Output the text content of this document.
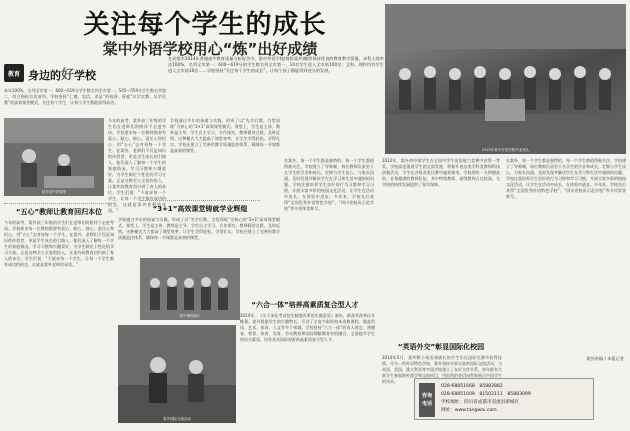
关注每个学生的成长
棠中外语学校用心“炼”出好成绩
2015年棠中外语学校毕业典礼
在成都市2014年普通高中教育质量分析报告中，棠中外语学校(简称棠外)继续保持优良的教育教学质量，本科上线率达100%，名列全市第一；600—619分的学生数名列全市第一，10名学生进入全市前100名；文科、理科均有学生进入全市前10名……学校坚持“关注每个学生的成长”，让每个孩子都能得到充分的发展。
教育 身边的好学校
本年100%，名列全市第一；600—619分学生数名列全市第一；545—559分学生数名列第二，综合指标位居前列。学校坚持“仁德、忠信、求是”的校训，探索“以学定教、以学论教”的高效课堂模式，关注每个学生，让每个学生都能获得成功。
棠外初中部课堂
今年的高考，棠外高三年级的学生们在老师们的陪伴下走进考场。学校要求每一位教师都要有爱心、耐心、细心、责任心和恒心，用“五心”去对待每一个学生。在棠外，老师们不仅是知识的传授者，更是学生成长的引路人。他们深入了解每一个学生的家庭情况、学习习惯和兴趣爱好，为学生制定个性化的学习方案。正是这种全心全意的投入，让棠外的教育回归到了育人的本位。学生们说：“不放弃每一个学生，让每一个学生都有成功的机会，这就是棠外老师的承诺。”
“五心”教师让教育回归本位
今年的高考，棠外高三年级的学生们在老师们的陪伴下走进考场。学校要求每一位教师都要有爱心、耐心、细心、责任心和恒心，用“五心”去对待每一个学生。在棠外，老师们不仅是知识的传授者，更是学生成长的引路人。他们深入了解每一个学生的家庭情况、学习习惯和兴趣爱好，为学生制定个性化的学习方案。正是这种全心全意的投入，让棠外的教育回归到了育人的本位。学生们说：“不放弃每一个学生，让每一个学生都有成功的机会，这就是棠外老师的承诺。”
学校通过多年的探索与实践，形成了以“先学后教、当堂训练”为核心的“3+1”高效课堂模式。课堂上，学生是主体，教师是主导，学生自主学习、合作探究，教师精讲点拨、及时反馈。这种模式大大提高了课堂效率，让学生学得轻松、学得扎实。学校还建立了完善的教学质量监控体系，确保每一节课都是高效的课堂。
“3+1”高效课堂铸就学业辉煌
学校通过多年的探索与实践，形成了以“先学后教、当堂训练”为核心的“3+1”高效课堂模式。课堂上，学生是主体，教师是主导，学生自主学习、合作探究，教师精讲点拨、及时反馈。这种模式大大提高了课堂效率，让学生学得轻松、学得扎实。学校还建立了完善的教学质量监控体系，确保每一节课都是高效的课堂。
棠外课程展示
棠外国际交流活动
“六合一体”培养高素质复合型人才
2014年，《关于深化考试招生制度改革的实施意见》颁布，新高考改革拉开帷幕。棠外根据学生的兴趣特长，开设了丰富多彩的校本选修课程，涵盖科技、艺术、体育、人文等多个领域。学校坚持“六合一体”的育人理念，将德育、智育、体育、美育、劳动教育和国际理解教育有机融合，全面提升学生的综合素质，培养具有国际视野的高素质复合型人才。
在棠外，每一个学生都是独特的，每一个学生都值得被关注。学校建立了导师制，每位教师负责若干名学生的学业和成长，定期与学生谈心，与家长沟通，及时发现并解决学生在学习和生活中遇到的问题。学校注重培养学生良好的行为习惯和学习习惯，开展丰富多彩的校园文化活动，让学生在活动中成长，在体验中进步。多年来，学校先后获得“全国优秀外语特色学校”、“四川省校风示范学校”等多项荣誉称号。
2012年，棠外初中部学生在全国中学生英语能力竞赛中获得一等奖。学校高度重视学生的全面发展，积极开展各类学科竞赛和科技创新活动，学生在各级各类比赛中屡获殊荣。学校拥有一支师德高尚、业务精湛的教师队伍，其中特级教师、高级教师占比较高，为学校的持续发展提供了坚实保障。
在棠外，每一个学生都是独特的，每一个学生都值得被关注。学校建立了导师制，每位教师负责若干名学生的学业和成长，定期与学生谈心，与家长沟通，及时发现并解决学生在学习和生活中遇到的问题。学校注重培养学生良好的行为习惯和学习习惯，开展丰富多彩的校园文化活动，让学生在活动中成长，在体验中进步。多年来，学校先后获得“全国优秀外语特色学校”、“四川省校风示范学校”等多项荣誉称号。
“英语外交”彰显国际化校园
2014年5月，棠外附小英语戏剧社的学生们在国际比赛中获得佳绩。作为一所外语特色学校，棠外坚持开展丰富的国际交流活动，与英国、美国、澳大利亚等多国学校建立了友好合作关系，每年都有大批学生参加海外游学和交流项目，用流利的英语向世界展示中国学生的风采。
棠外供稿 / 本报记者
咨询
电话
028-68851668　85882882
028-68851009　81502111　85883099
学校地址：四川省成都市双流县新城区
网址：www.tangwai.com
